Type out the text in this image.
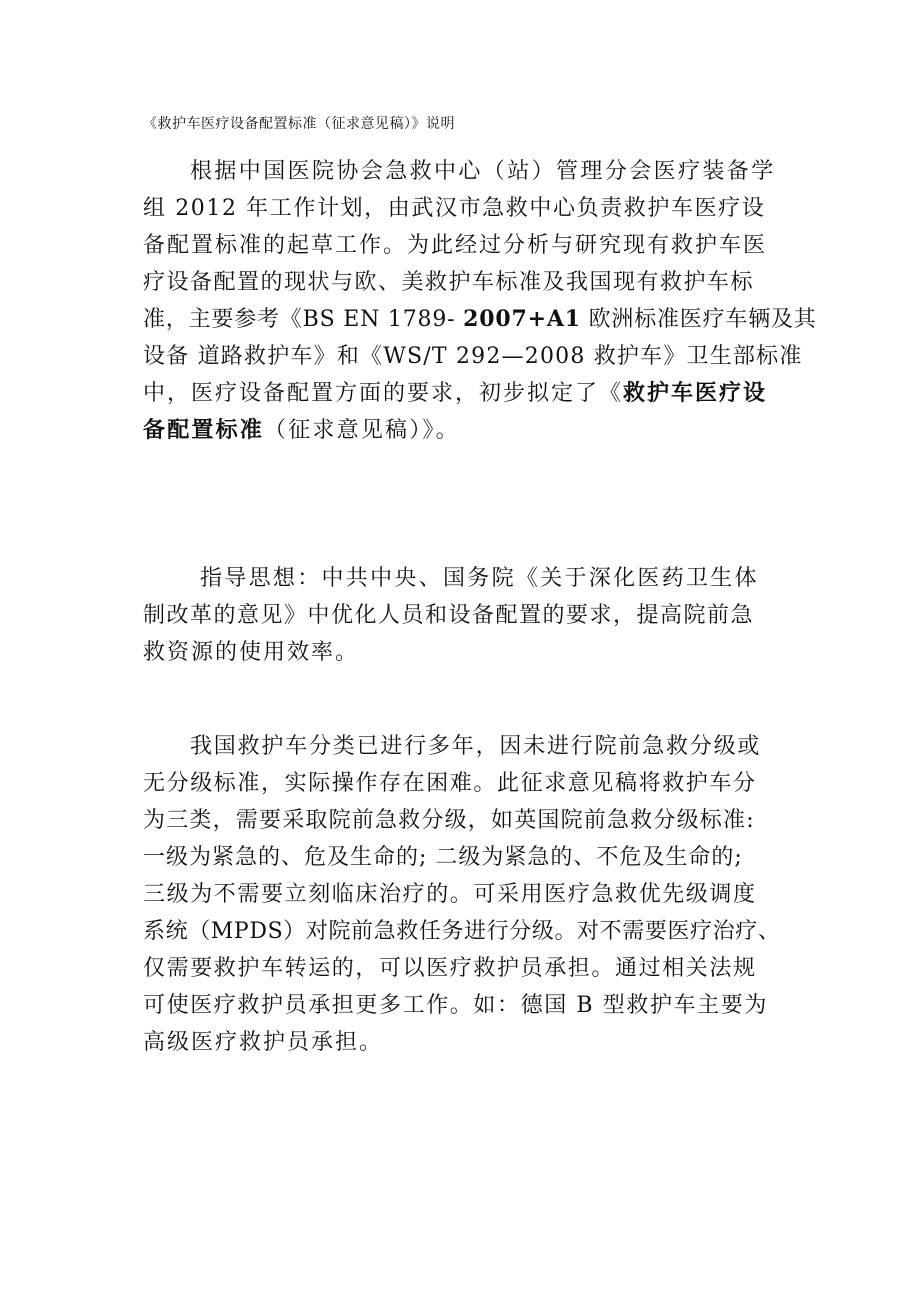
《救护车医疗设备配置标准（征求意见稿）》说明
根据中国医院协会急救中心（站）管理分会医疗装备学
组 2012 年工作计划，由武汉市急救中心负责救护车医疗设
备配置标准的起草工作。为此经过分析与研究现有救护车医
疗设备配置的现状与欧、美救护车标准及我国现有救护车标
准，主要参考《BS EN 1789- 2007+A1 欧洲标准医疗车辆及其
设备 道路救护车》和《WS/T 292—2008 救护车》卫生部标准
中，医疗设备配置方面的要求，初步拟定了《救护车医疗设
备配置标准（征求意见稿）》。
指导思想：中共中央、国务院《关于深化医药卫生体
制改革的意见》中优化人员和设备配置的要求，提高院前急
救资源的使用效率。
我国救护车分类已进行多年，因未进行院前急救分级或
无分级标准，实际操作存在困难。此征求意见稿将救护车分
为三类，需要采取院前急救分级，如英国院前急救分级标准:
一级为紧急的、危及生命的; 二级为紧急的、不危及生命的;
三级为不需要立刻临床治疗的。可采用医疗急救优先级调度
系统（MPDS）对院前急救任务进行分级。对不需要医疗治疗、
仅需要救护车转运的，可以医疗救护员承担。通过相关法规
可使医疗救护员承担更多工作。如：德国 B 型救护车主要为
高级医疗救护员承担。
